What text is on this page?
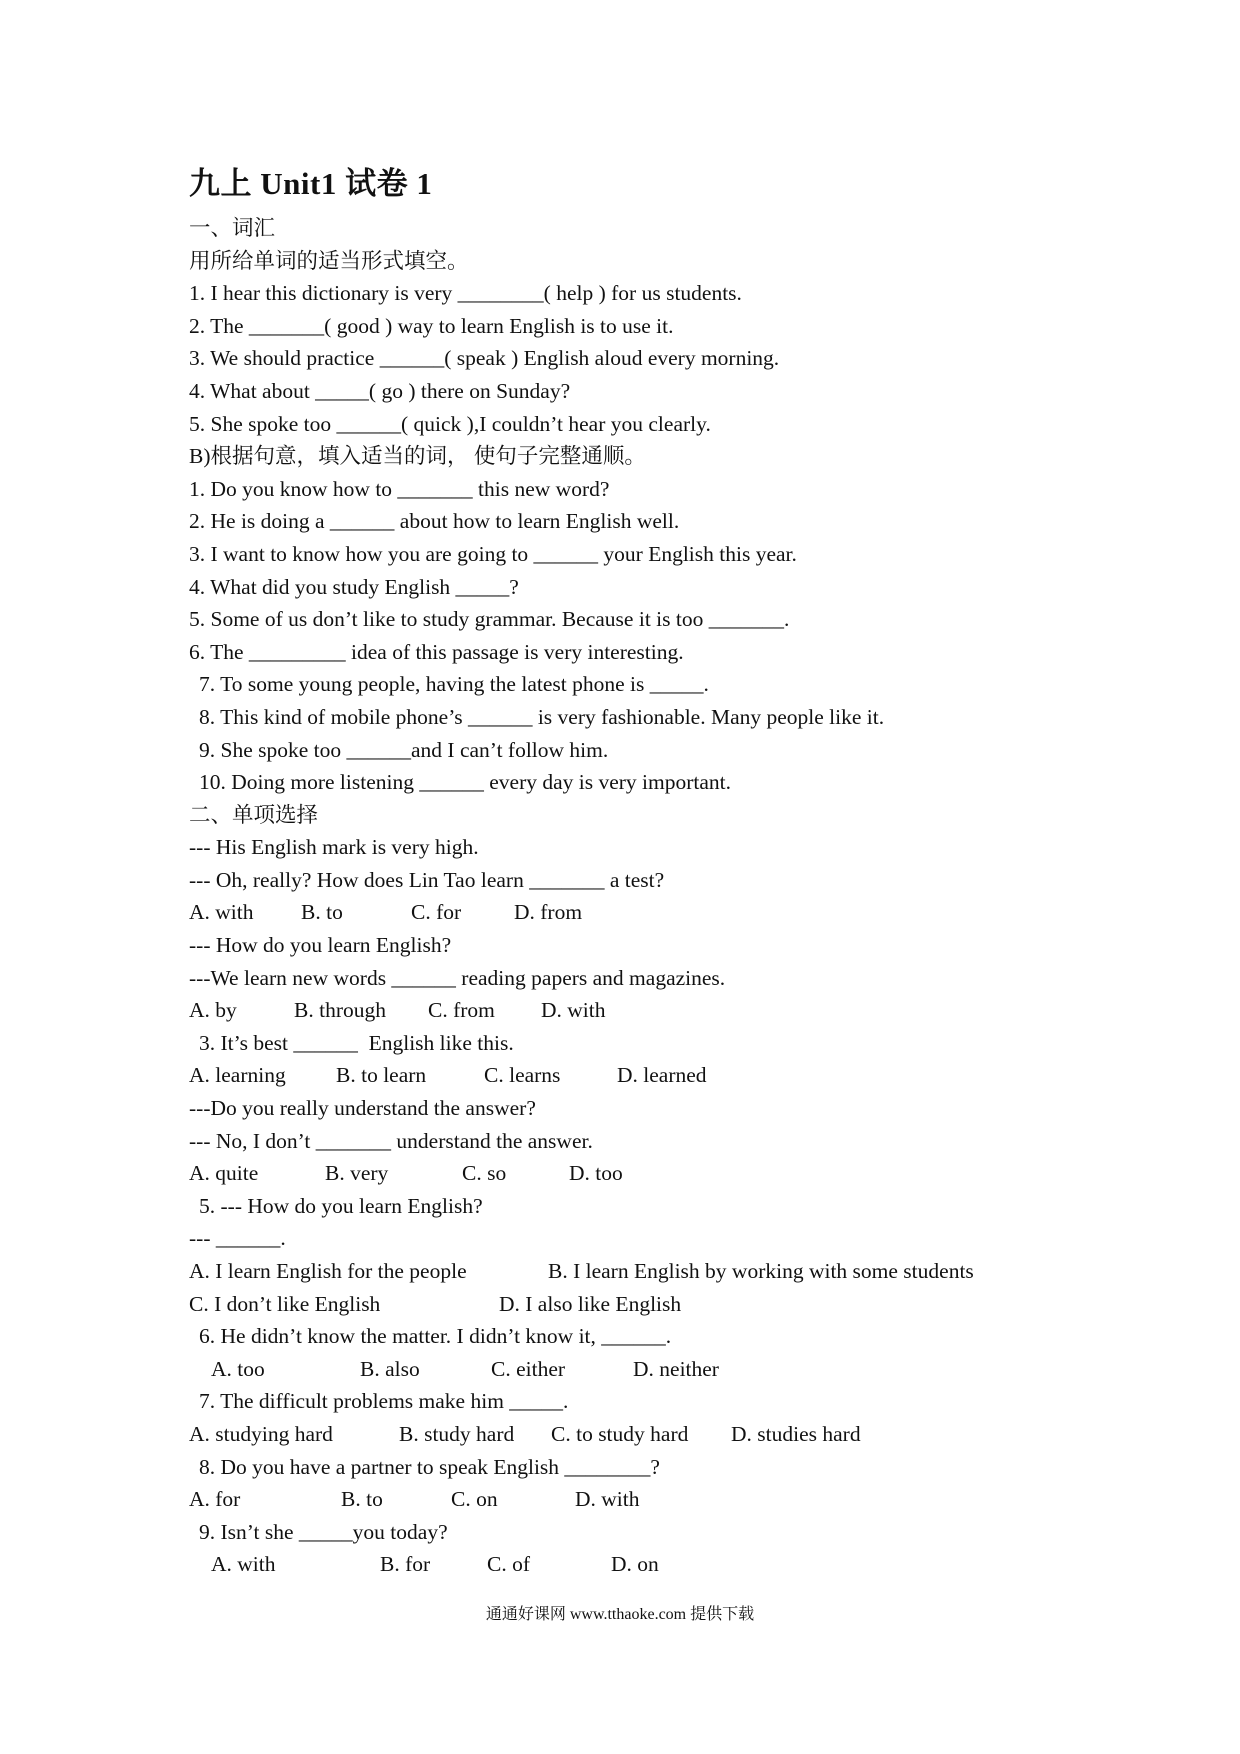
九上 Unit1 试卷 1
一、词汇
用所给单词的适当形式填空。
1. I hear this dictionary is very ________( help ) for us students.
2. The _______( good ) way to learn English is to use it.
3. We should practice ______( speak ) English aloud every morning.
4. What about _____( go ) there on Sunday?
5. She spoke too ______( quick ),I couldn’t hear you clearly.
B)根据句意，填入适当的词， 使句子完整通顺。
1. Do you know how to _______ this new word?
2. He is doing a ______ about how to learn English well.
3. I want to know how you are going to ______ your English this year.
4. What did you study English _____?
5. Some of us don’t like to study grammar. Because it is too _______.
6. The _________ idea of this passage is very interesting.
7. To some young people, having the latest phone is _____.
8. This kind of mobile phone’s ______ is very fashionable. Many people like it.
9. She spoke too ______and I can’t follow him.
10. Doing more listening ______ every day is very important.
二、单项选择
--- His English mark is very high.
--- Oh, really? How does Lin Tao learn _______ a test?
A. with	B. to	C. for	D. from
--- How do you learn English?
---We learn new words ______ reading papers and magazines.
A. by	B. through	C. from	D. with
3. It’s best ______  English like this.
A. learning	B. to learn	C. learns	D. learned
---Do you really understand the answer?
--- No, I don’t _______ understand the answer.
A. quite	B. very	C. so	D. too
5. --- How do you learn English?
--- ______.
A. I learn English for the people	B. I learn English by working with some students
C. I don’t like English	D. I also like English
6. He didn’t know the matter. I didn’t know it, ______.
A. too	B. also	C. either	D. neither
7. The difficult problems make him _____.
A. studying hard	B. study hard	C. to study hard	D. studies hard
8. Do you have a partner to speak English ________?
A. for	B. to	C. on	D. with
9. Isn’t she _____you today?
A. with	B. for	C. of	D. on
通通好课网 www.tthaoke.com 提供下载
